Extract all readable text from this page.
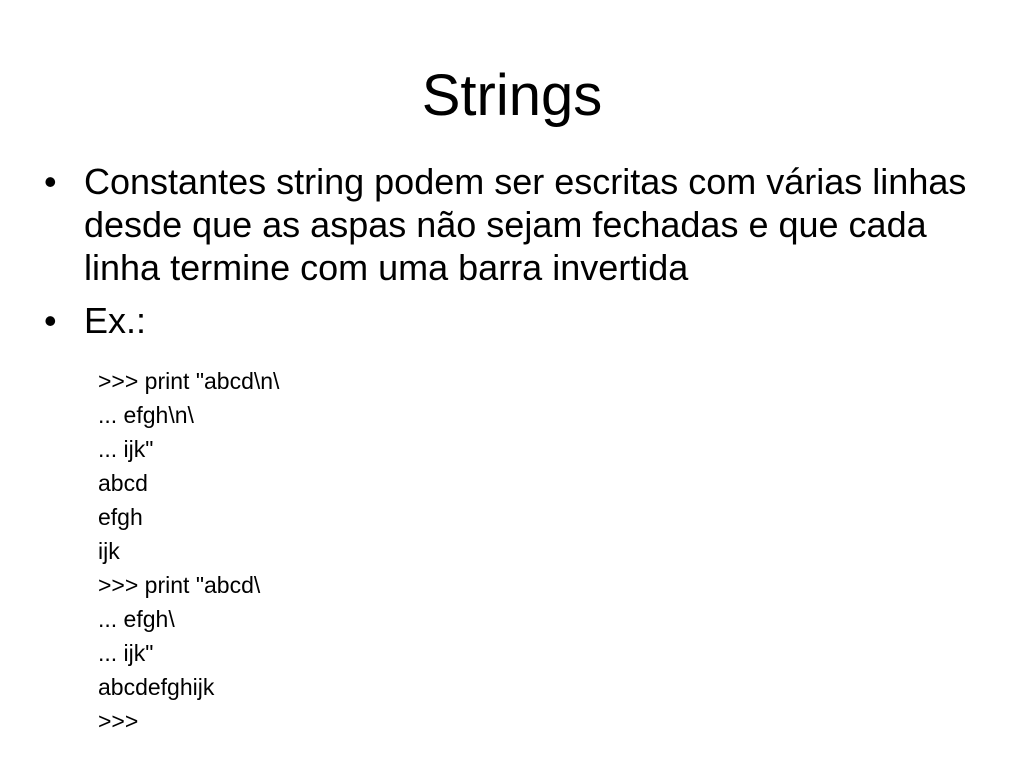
Strings
• Constantes string podem ser escritas com várias linhas desde que as aspas não sejam fechadas e que cada linha termine com uma barra invertida
• Ex.:
>>> print "abcd\n\
... efgh\n\
... ijk"
abcd
efgh
ijk
>>> print "abcd\
... efgh\
... ijk"
abcdefghijk
>>>
